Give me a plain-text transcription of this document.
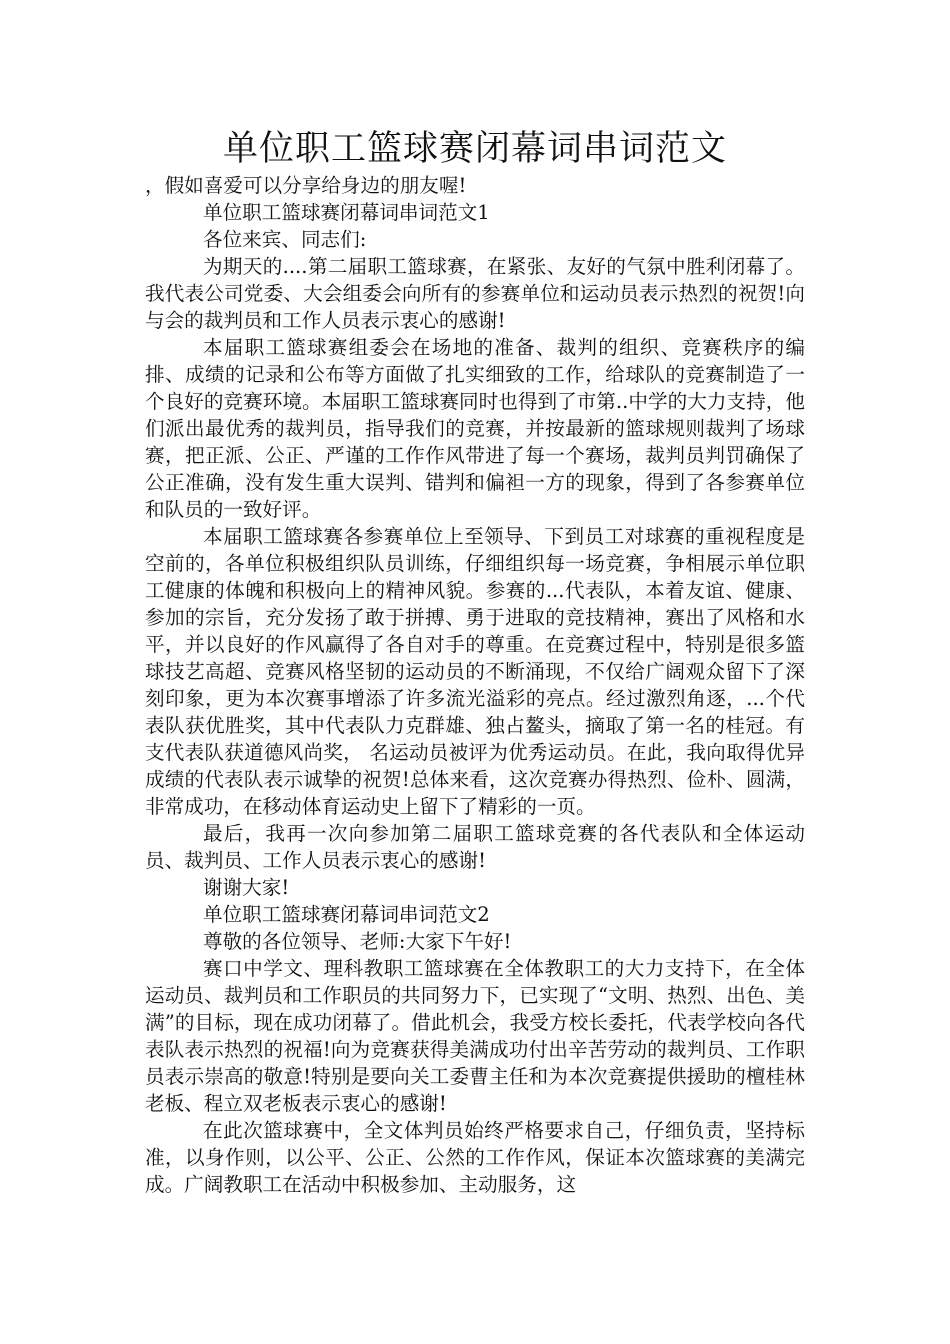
单位职工篮球赛闭幕词串词范文

，假如喜爱可以分享给身边的朋友喔!

单位职工篮球赛闭幕词串词范文1

各位来宾、同志们:

为期天的....第二届职工篮球赛，在紧张、友好的气氛中胜利闭幕了。我代表公司党委、大会组委会向所有的参赛单位和运动员表示热烈的祝贺!向与会的裁判员和工作人员表示衷心的感谢!

本届职工篮球赛组委会在场地的准备、裁判的组织、竞赛秩序的编排、成绩的记录和公布等方面做了扎实细致的工作，给球队的竞赛制造了一个良好的竞赛环境。本届职工篮球赛同时也得到了市第..中学的大力支持，他们派出最优秀的裁判员，指导我们的竞赛，并按最新的篮球规则裁判了场球赛，把正派、公正、严谨的工作作风带进了每一个赛场，裁判员判罚确保了公正准确，没有发生重大误判、错判和偏袒一方的现象，得到了各参赛单位和队员的一致好评。

本届职工篮球赛各参赛单位上至领导、下到员工对球赛的重视程度是空前的，各单位积极组织队员训练，仔细组织每一场竞赛，争相展示单位职工健康的体魄和积极向上的精神风貌。参赛的...代表队，本着友谊、健康、参加的宗旨，充分发扬了敢于拼搏、勇于进取的竞技精神，赛出了风格和水平，并以良好的作风赢得了各自对手的尊重。在竞赛过程中，特别是很多篮球技艺高超、竞赛风格坚韧的运动员的不断涌现，不仅给广阔观众留下了深刻印象，更为本次赛事增添了许多流光溢彩的亮点。经过激烈角逐，...个代表队获优胜奖，其中代表队力克群雄、独占鳌头，摘取了第一名的桂冠。有 支代表队获道德风尚奖， 名运动员被评为优秀运动员。在此，我向取得优异成绩的代表队表示诚挚的祝贺!总体来看，这次竞赛办得热烈、俭朴、圆满，非常成功，在移动体育运动史上留下了精彩的一页。

最后，我再一次向参加第二届职工篮球竞赛的各代表队和全体运动员、裁判员、工作人员表示衷心的感谢!

谢谢大家!

单位职工篮球赛闭幕词串词范文2

尊敬的各位领导、老师:大家下午好!

赛口中学文、理科教职工篮球赛在全体教职工的大力支持下，在全体运动员、裁判员和工作职员的共同努力下，已实现了“文明、热烈、出色、美满”的目标，现在成功闭幕了。借此机会，我受方校长委托，代表学校向各代表队表示热烈的祝福!向为竞赛获得美满成功付出辛苦劳动的裁判员、工作职员表示崇高的敬意!特别是要向关工委曹主任和为本次竞赛提供援助的檀桂林老板、程立双老板表示衷心的感谢!

在此次篮球赛中，全文体判员始终严格要求自己，仔细负责，坚持标准，以身作则，以公平、公正、公然的工作作风，保证本次篮球赛的美满完成。广阔教职工在活动中积极参加、主动服务，这
